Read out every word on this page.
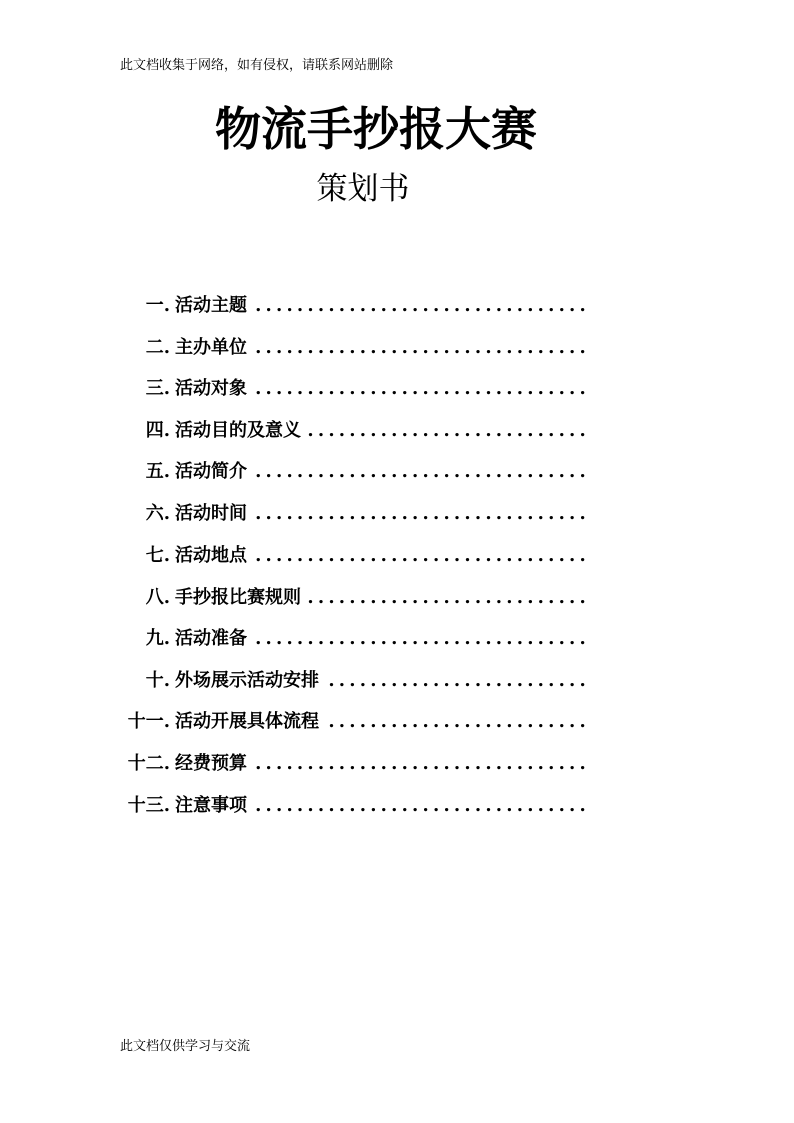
此文档收集于网络，如有侵权，请联系网站删除
物流手抄报大赛
策划书
................................
一. 活动主题
................................
二. 主办单位
................................
三. 活动对象
...........................
四. 活动目的及意义
................................
五. 活动简介
................................
六. 活动时间
................................
七. 活动地点
...........................
八. 手抄报比赛规则
................................
九. 活动准备
.........................
十. 外场展示活动安排
.........................
十一. 活动开展具体流程
................................
十二. 经费预算
................................
十三. 注意事项
此文档仅供学习与交流
